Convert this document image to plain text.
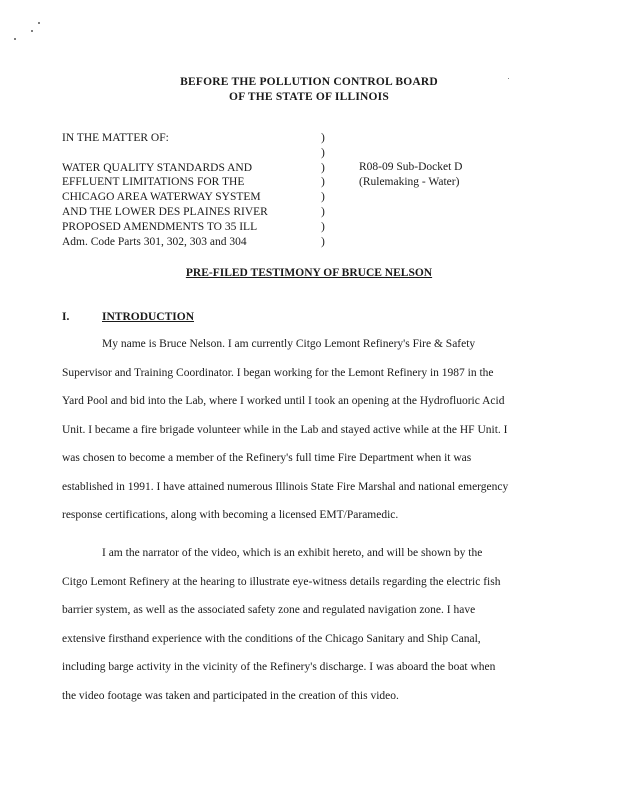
BEFORE THE POLLUTION CONTROL BOARD
OF THE STATE OF ILLINOIS
IN THE MATTER OF:

WATER QUALITY STANDARDS AND
EFFLUENT LIMITATIONS FOR THE
CHICAGO AREA WATERWAY SYSTEM
AND THE LOWER DES PLAINES RIVER
PROPOSED AMENDMENTS TO 35 ILL
Adm. Code Parts 301, 302, 303 and 304
)
)
)
)
)
)
)
)
R08-09 Sub-Docket D
(Rulemaking - Water)
PRE-FILED TESTIMONY OF BRUCE NELSON
I.	INTRODUCTION
My name is Bruce Nelson. I am currently Citgo Lemont Refinery's Fire & Safety
Supervisor and Training Coordinator. I began working for the Lemont Refinery in 1987 in the
Yard Pool and bid into the Lab, where I worked until I took an opening at the Hydrofluoric Acid
Unit. I became a fire brigade volunteer while in the Lab and stayed active while at the HF Unit. I
was chosen to become a member of the Refinery's full time Fire Department when it was
established in 1991. I have attained numerous Illinois State Fire Marshal and national emergency
response certifications, along with becoming a licensed EMT/Paramedic.
I am the narrator of the video, which is an exhibit hereto, and will be shown by the
Citgo Lemont Refinery at the hearing to illustrate eye-witness details regarding the electric fish
barrier system, as well as the associated safety zone and regulated navigation zone. I have
extensive firsthand experience with the conditions of the Chicago Sanitary and Ship Canal,
including barge activity in the vicinity of the Refinery's discharge. I was aboard the boat when
the video footage was taken and participated in the creation of this video.
